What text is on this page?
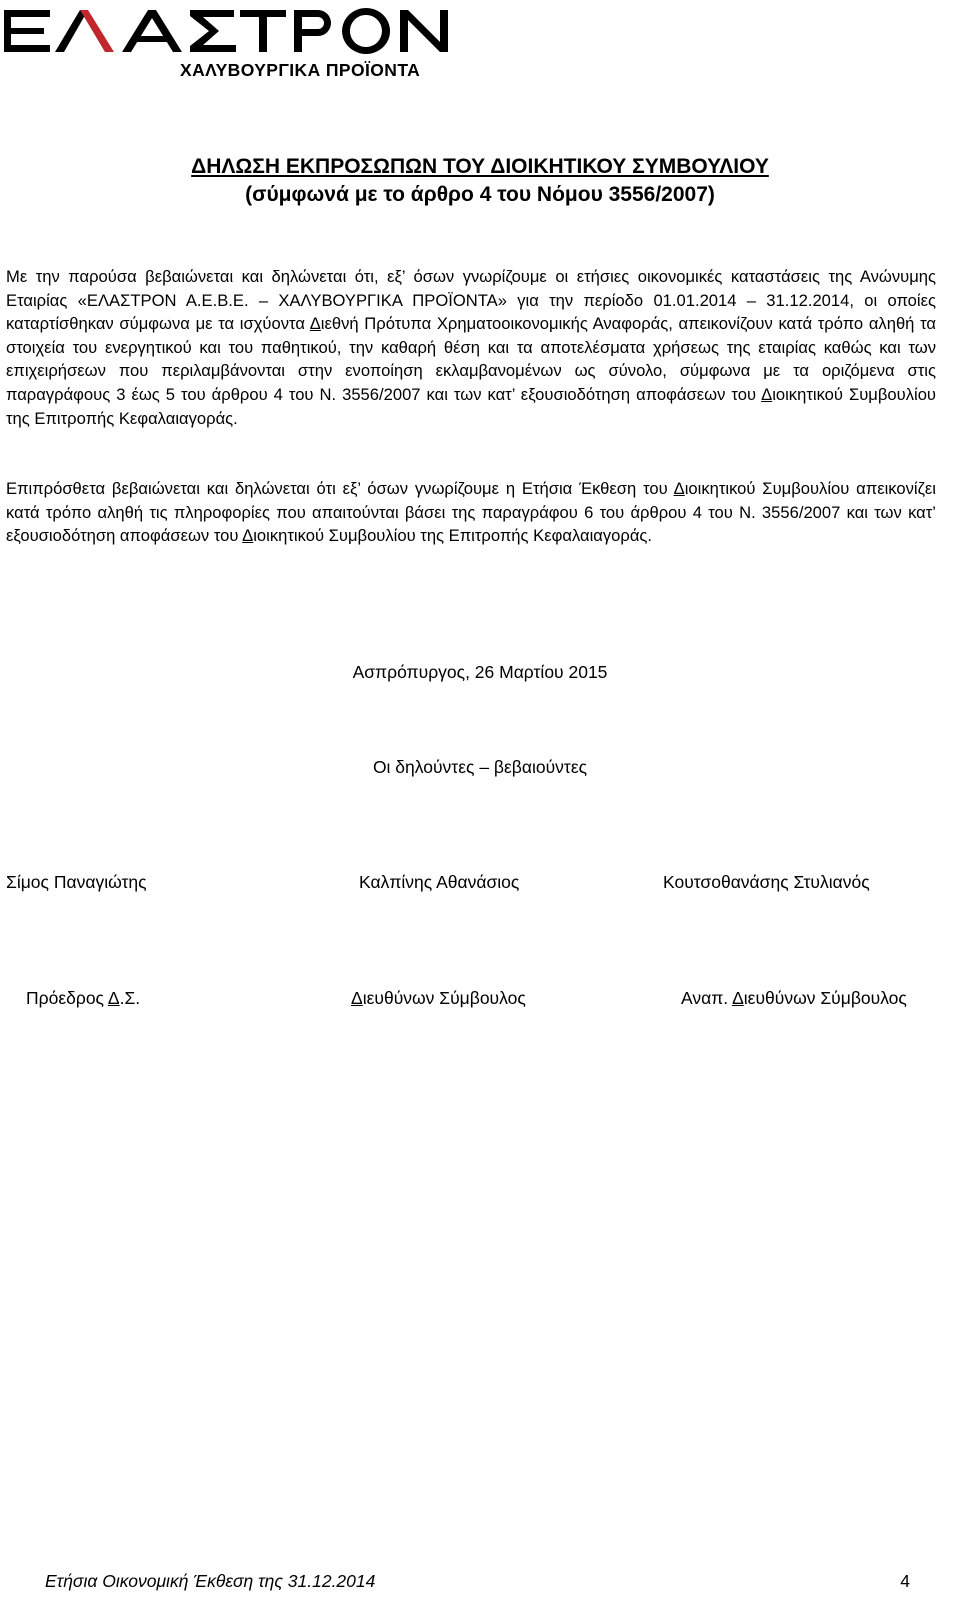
ΧΑΛΥΒΟΥΡΓΙΚΑ ΠΡΟΪΟΝΤΑ
ΔΗΛΩΣΗ ΕΚΠΡΟΣΩΠΩΝ ΤΟΥ ΔΙΟΙΚΗΤΙΚΟΥ ΣΥΜΒΟΥΛΙΟΥ
(σύμφωνά με το άρθρο 4 του Νόμου 3556/2007)

Με την παρούσα βεβαιώνεται και δηλώνεται ότι, εξ’ όσων γνωρίζουμε οι ετήσιες οικονομικές καταστάσεις της Ανώνυμης Εταιρίας «ΕΛΑΣΤΡΟΝ Α.Ε.Β.Ε. – ΧΑΛΥΒΟΥΡΓΙΚΑ ΠΡΟΪΟΝΤΑ» για την περίοδο 01.01.2014 – 31.12.2014, οι οποίες καταρτίσθηκαν σύμφωνα με τα ισχύοντα Διεθνή Πρότυπα Χρηματοοικονομικής Αναφοράς, απεικονίζουν κατά τρόπο αληθή τα στοιχεία του ενεργητικού και του παθητικού, την καθαρή θέση και τα αποτελέσματα χρήσεως της εταιρίας καθώς και των επιχειρήσεων που περιλαμβάνονται στην ενοποίηση εκλαμβανομένων ως σύνολο, σύμφωνα με τα οριζόμενα στις παραγράφους 3 έως 5 του άρθρου 4 του Ν. 3556/2007 και των κατ’ εξουσιοδότηση αποφάσεων του Διοικητικού Συμβουλίου της Επιτροπής Κεφαλαιαγοράς.

Επιπρόσθετα βεβαιώνεται και δηλώνεται ότι εξ’ όσων γνωρίζουμε η Ετήσια Έκθεση του Διοικητικού Συμβουλίου απεικονίζει κατά τρόπο αληθή τις πληροφορίες που απαιτούνται βάσει της παραγράφου 6 του άρθρου 4 του Ν. 3556/2007 και των κατ’ εξουσιοδότηση αποφάσεων του Διοικητικού Συμβουλίου της Επιτροπής Κεφαλαιαγοράς.

Ασπρόπυργος, 26 Μαρτίου 2015
Οι δηλούντες – βεβαιούντες
Σίμος Παναγιώτης	Καλπίνης Αθανάσιος	Κουτσοθανάσης Στυλιανός
Πρόεδρος Δ.Σ.	Διευθύνων Σύμβουλος	Αναπ. Διευθύνων Σύμβουλος
Ετήσια Οικονομική Έκθεση της 31.12.2014	4
